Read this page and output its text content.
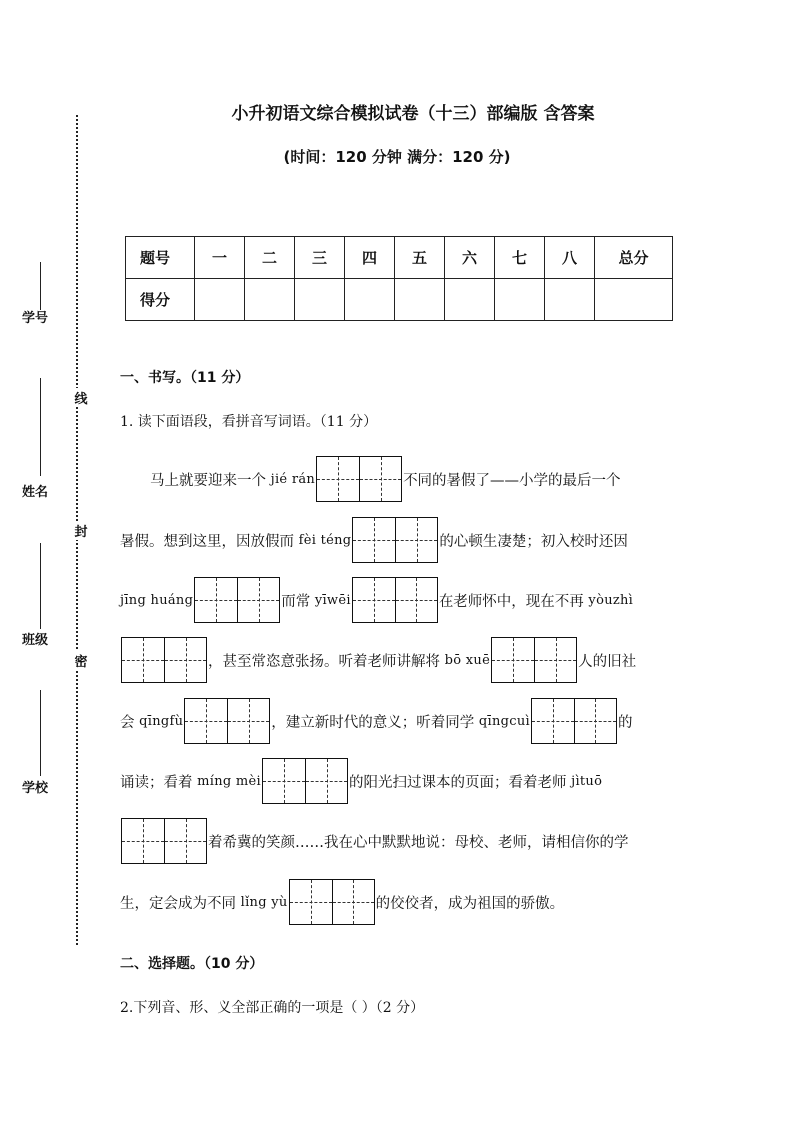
学号
姓名
班级
学校
线
封
密
小升初语文综合模拟试卷（十三）部编版 含答案
(时间：120 分钟 满分：120 分)
题号	一	二	三	四	五	六	七	八	总分
得分									
一、书写。（11 分）
1. 读下面语段，看拼音写词语。（11 分）
马上就要迎来一个 jié rán	不同的暑假了——小学的最后一个
暑假。想到这里，因放假而 fèi téng	的心顿生凄楚；初入校时还因
jīng huáng	而常 yīwēi	在老师怀中，现在不再 yòuzhì
，甚至常恣意张扬。听着老师讲解将 bō xuē	人的旧社
会 qīngfù	，建立新时代的意义；听着同学 qīngcuì	的
诵读；看着 míng mèi	的阳光扫过课本的页面；看着老师 jìtuō
着希冀的笑颜……我在心中默默地说：母校、老师，请相信你的学
生，定会成为不同 lǐng yù	的佼佼者，成为祖国的骄傲。
二、选择题。（10 分）
2.下列音、形、义全部正确的一项是（ ）（2 分）
